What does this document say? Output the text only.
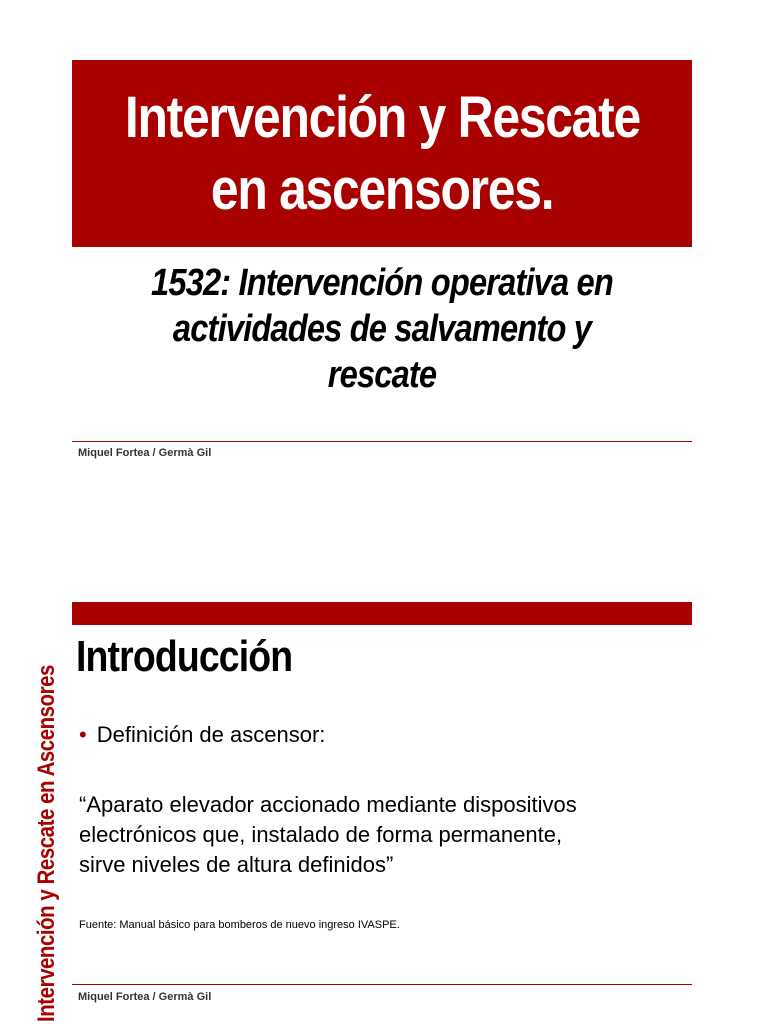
Intervención y Rescate
en ascensores.
1532: Intervención operativa en
actividades de salvamento y
rescate
Miquel Fortea / Germà Gil
Intervención y Rescate en Ascensores
Introducción
• Definición de ascensor:
“Aparato elevador accionado mediante dispositivos
electrónicos que, instalado de forma permanente,
sirve niveles de altura definidos”
Fuente: Manual básico para bomberos de nuevo ingreso IVASPE.
Miquel Fortea / Germà Gil
